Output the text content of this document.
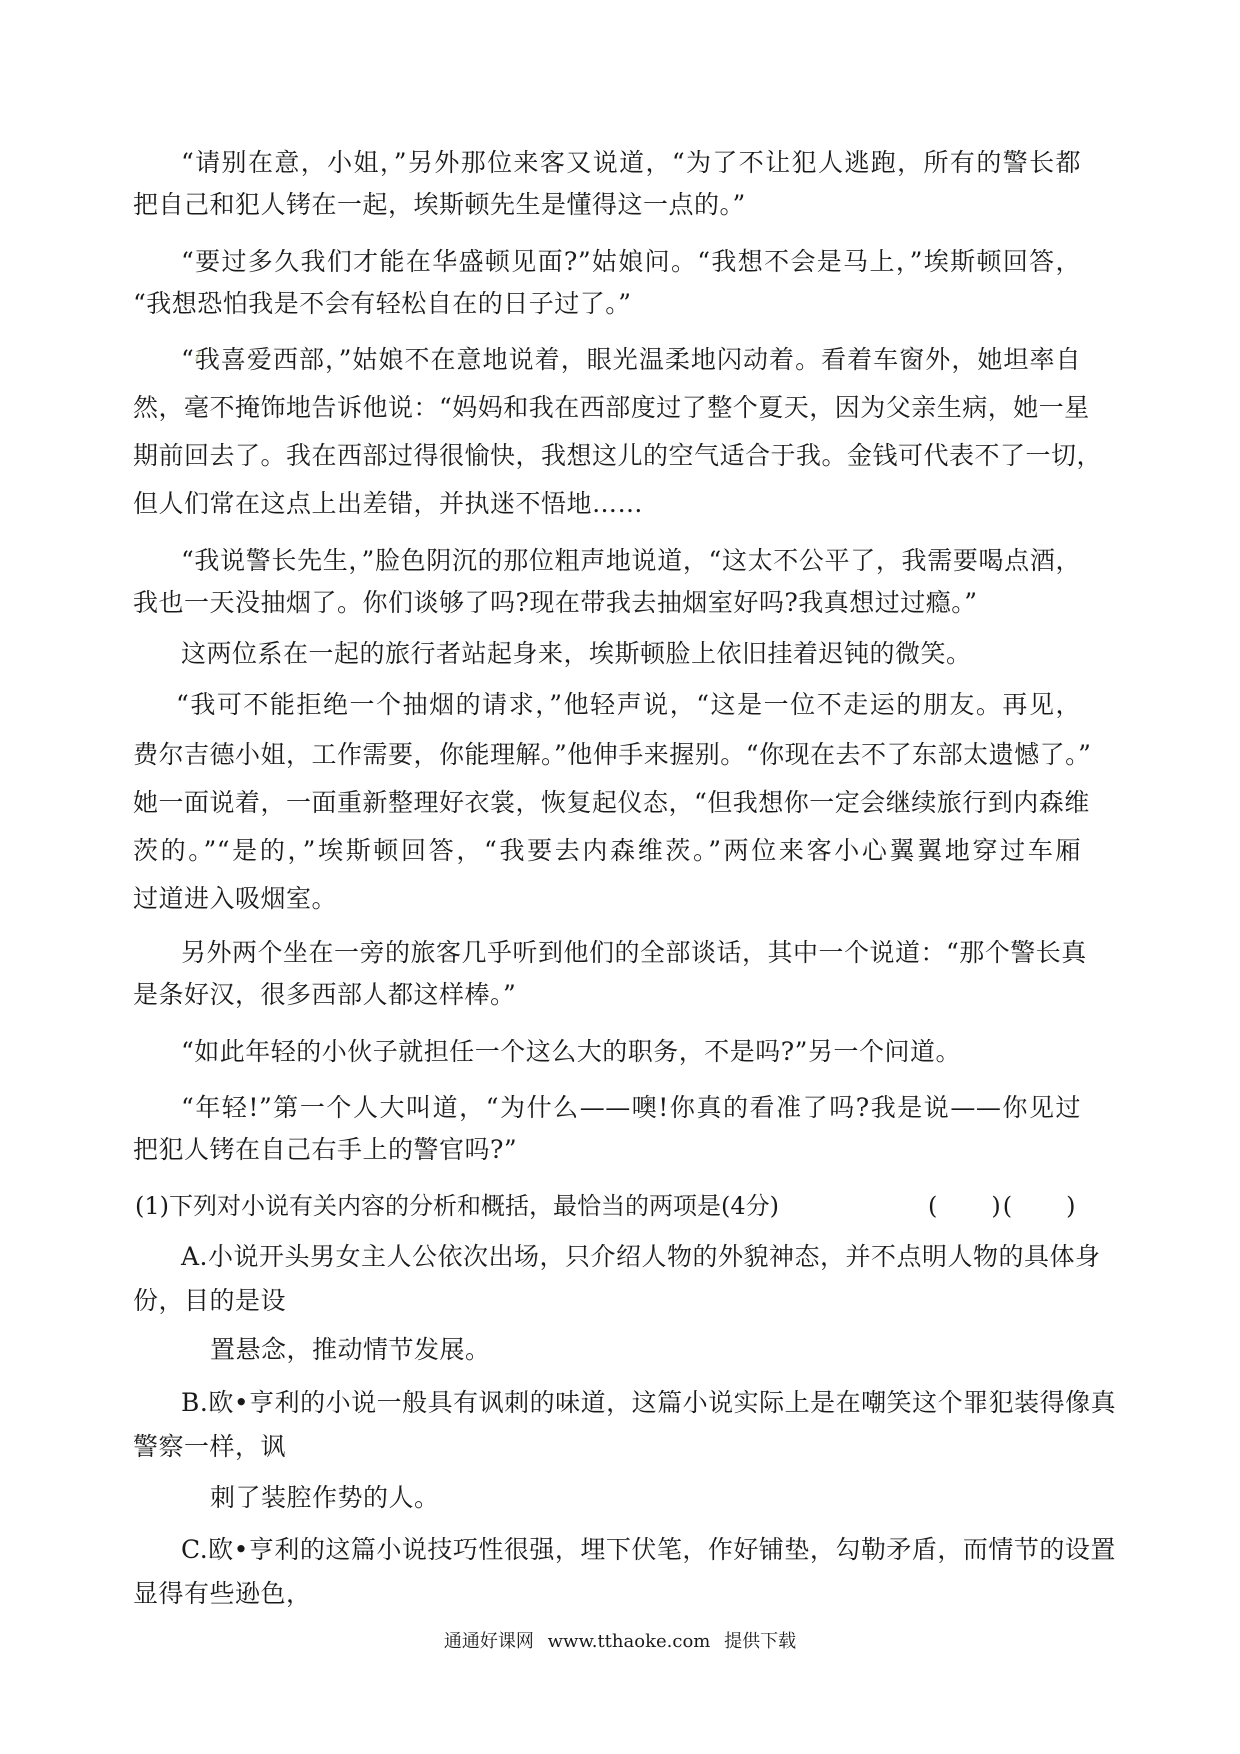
“请别在意，小姐，”另外那位来客又说道，“为了不让犯人逃跑，所有的警长都
把自己和犯人铐在一起，埃斯顿先生是懂得这一点的。”
“要过多久我们才能在华盛顿见面?”姑娘问。“我想不会是马上，”埃斯顿回答，
“我想恐怕我是不会有轻松自在的日子过了。”
“我喜爱西部，”姑娘不在意地说着，眼光温柔地闪动着。看着车窗外，她坦率自
然，毫不掩饰地告诉他说：“妈妈和我在西部度过了整个夏天，因为父亲生病，她一星
期前回去了。我在西部过得很愉快，我想这儿的空气适合于我。金钱可代表不了一切，
但人们常在这点上出差错，并执迷不悟地……
“我说警长先生，”脸色阴沉的那位粗声地说道，“这太不公平了，我需要喝点酒，
我也一天没抽烟了。你们谈够了吗?现在带我去抽烟室好吗?我真想过过瘾。”
这两位系在一起的旅行者站起身来，埃斯顿脸上依旧挂着迟钝的微笑。
“我可不能拒绝一个抽烟的请求，”他轻声说，“这是一位不走运的朋友。再见，
费尔吉德小姐，工作需要，你能理解。”他伸手来握别。“你现在去不了东部太遗憾了。”
她一面说着，一面重新整理好衣裳，恢复起仪态，“但我想你一定会继续旅行到内森维
茨的。”“是的，”埃斯顿回答，“我要去内森维茨。”两位来客小心翼翼地穿过车厢
过道进入吸烟室。
另外两个坐在一旁的旅客几乎听到他们的全部谈话，其中一个说道：“那个警长真
是条好汉，很多西部人都这样棒。”
“如此年轻的小伙子就担任一个这么大的职务，不是吗?”另一个问道。
“年轻!”第一个人大叫道，“为什么——噢!你真的看准了吗?我是说——你见过
把犯人铐在自己右手上的警官吗?”
(1)下列对小说有关内容的分析和概括，最恰当的两项是(4分)	(　　)(　　)
A.小说开头男女主人公依次出场，只介绍人物的外貌神态，并不点明人物的具体身
份，目的是设
置悬念，推动情节发展。
B.欧•亨利的小说一般具有讽刺的味道，这篇小说实际上是在嘲笑这个罪犯装得像真
警察一样，讽
刺了装腔作势的人。
C.欧•亨利的这篇小说技巧性很强，埋下伏笔，作好铺垫，勾勒矛盾，而情节的设置
显得有些逊色，
通通好课网 www.tthaoke.com 提供下载
